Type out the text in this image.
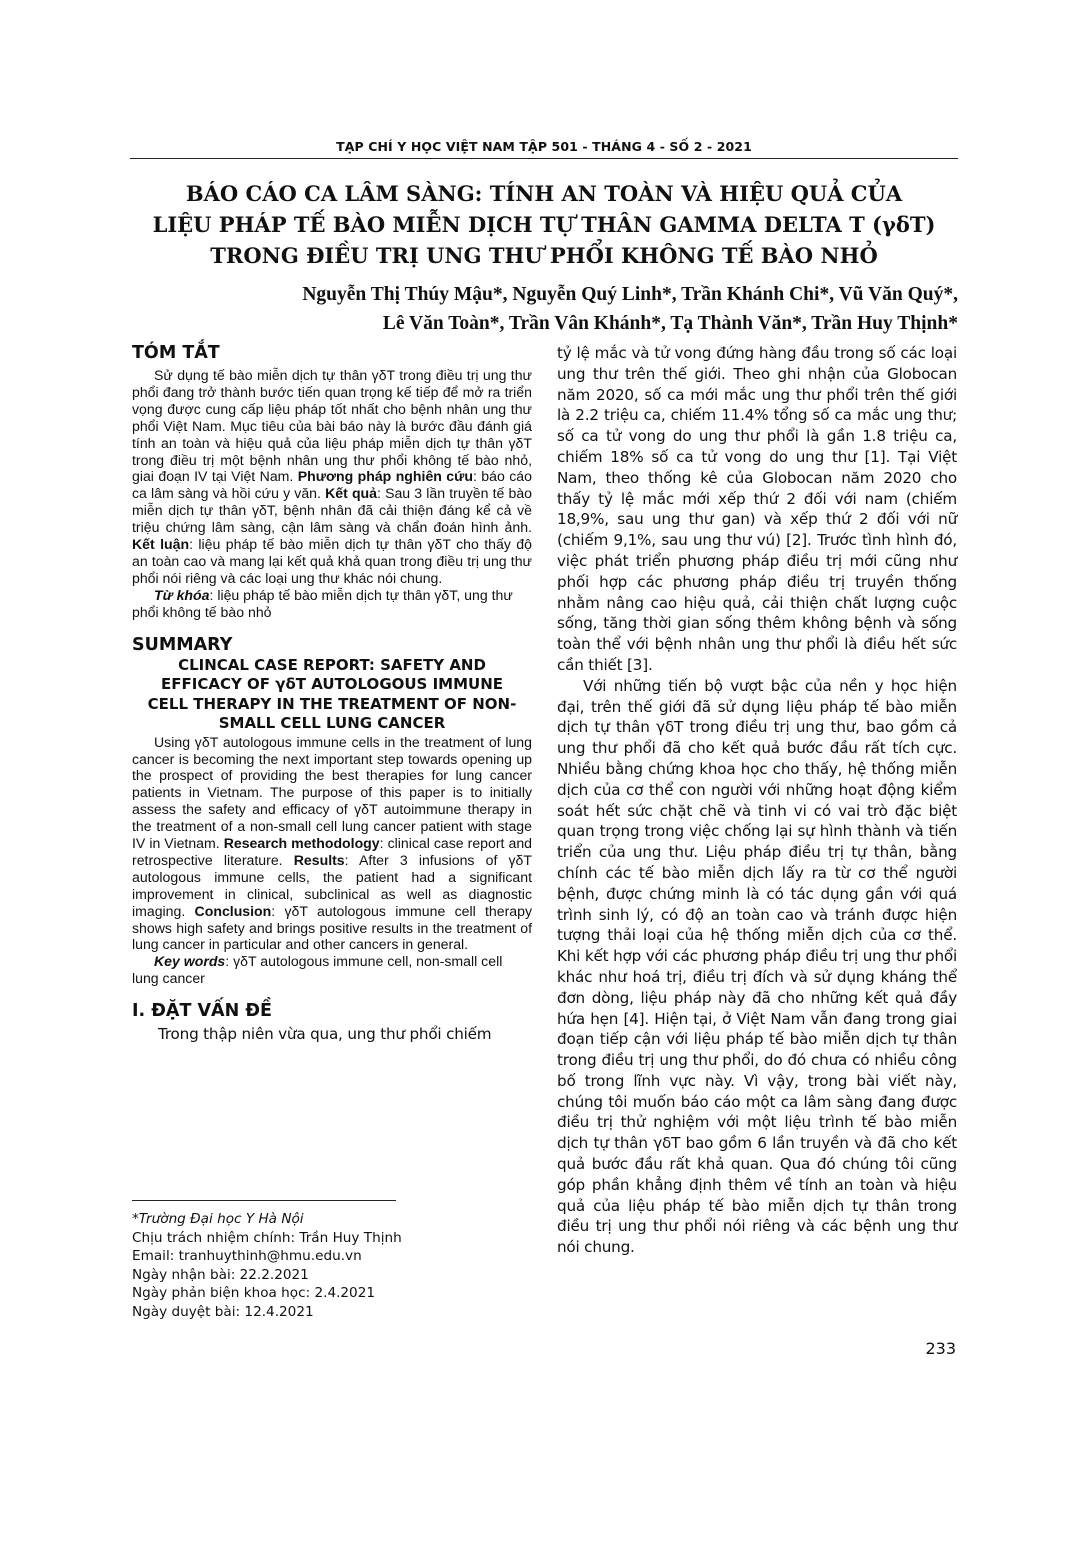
TẠP CHÍ Y HỌC VIỆT NAM TẬP 501 - THÁNG 4 - SỐ 2 - 2021
BÁO CÁO CA LÂM SÀNG: TÍNH AN TOÀN VÀ HIỆU QUẢ CỦA
LIỆU PHÁP TẾ BÀO MIỄN DỊCH TỰ THÂN GAMMA DELTA T (γδT)
TRONG ĐIỀU TRỊ UNG THƯ PHỔI KHÔNG TẾ BÀO NHỎ
Nguyễn Thị Thúy Mậu*, Nguyễn Quý Linh*, Trần Khánh Chi*, Vũ Văn Quý*,
Lê Văn Toàn*, Trần Vân Khánh*, Tạ Thành Văn*, Trần Huy Thịnh*
TÓM TẮT

Sử dụng tế bào miễn dịch tự thân γδT trong điều trị ung thư phổi đang trở thành bước tiến quan trọng kế tiếp để mở ra triển vọng được cung cấp liệu pháp tốt nhất cho bệnh nhân ung thư phổi Việt Nam. Mục tiêu của bài báo này là bước đầu đánh giá tính an toàn và hiệu quả của liệu pháp miễn dịch tự thân γδT trong điều trị một bệnh nhân ung thư phổi không tế bào nhỏ, giai đoạn IV tại Việt Nam. Phương pháp nghiên cứu: báo cáo ca lâm sàng và hồi cứu y văn. Kết quả: Sau 3 lần truyền tế bào miễn dịch tự thân γδT, bệnh nhân đã cải thiện đáng kể cả về triệu chứng lâm sàng, cận lâm sàng và chẩn đoán hình ảnh. Kết luận: liệu pháp tế bào miễn dịch tự thân γδT cho thấy độ an toàn cao và mang lại kết quả khả quan trong điều trị ung thư phổi nói riêng và các loại ung thư khác nói chung.

Từ khóa: liệu pháp tế bào miễn dịch tự thân γδT, ung thư phổi không tế bào nhỏ

SUMMARY

CLINCAL CASE REPORT: SAFETY AND EFFICACY OF γδT AUTOLOGOUS IMMUNE CELL THERAPY IN THE TREATMENT OF NON-SMALL CELL LUNG CANCER

Using γδT autologous immune cells in the treatment of lung cancer is becoming the next important step towards opening up the prospect of providing the best therapies for lung cancer patients in Vietnam. The purpose of this paper is to initially assess the safety and efficacy of γδT autoimmune therapy in the treatment of a non-small cell lung cancer patient with stage IV in Vietnam. Research methodology: clinical case report and retrospective literature. Results: After 3 infusions of γδT autologous immune cells, the patient had a significant improvement in clinical, subclinical as well as diagnostic imaging. Conclusion: γδT autologous immune cell therapy shows high safety and brings positive results in the treatment of lung cancer in particular and other cancers in general.

Key words: γδT autologous immune cell, non-small cell lung cancer

I. ĐẶT VẤN ĐỀ

Trong thập niên vừa qua, ung thư phổi chiếm

*Trường Đại học Y Hà Nội
Chịu trách nhiệm chính: Trần Huy Thịnh
Email: tranhuythinh@hmu.edu.vn
Ngày nhận bài: 22.2.2021
Ngày phản biện khoa học: 2.4.2021
Ngày duyệt bài: 12.4.2021

tỷ lệ mắc và tử vong đứng hàng đầu trong số các loại ung thư trên thế giới. Theo ghi nhận của Globocan năm 2020, số ca mới mắc ung thư phổi trên thế giới là 2.2 triệu ca, chiếm 11.4% tổng số ca mắc ung thư; số ca tử vong do ung thư phổi là gần 1.8 triệu ca, chiếm 18% số ca tử vong do ung thư [1]. Tại Việt Nam, theo thống kê của Globocan năm 2020 cho thấy tỷ lệ mắc mới xếp thứ 2 đối với nam (chiếm 18,9%, sau ung thư gan) và xếp thứ 2 đối với nữ (chiếm 9,1%, sau ung thư vú) [2]. Trước tình hình đó, việc phát triển phương pháp điều trị mới cũng như phối hợp các phương pháp điều trị truyền thống nhằm nâng cao hiệu quả, cải thiện chất lượng cuộc sống, tăng thời gian sống thêm không bệnh và sống toàn thể với bệnh nhân ung thư phổi là điều hết sức cần thiết [3].

Với những tiến bộ vượt bậc của nền y học hiện đại, trên thế giới đã sử dụng liệu pháp tế bào miễn dịch tự thân γδT trong điều trị ung thư, bao gồm cả ung thư phổi đã cho kết quả bước đầu rất tích cực. Nhiều bằng chứng khoa học cho thấy, hệ thống miễn dịch của cơ thể con người với những hoạt động kiểm soát hết sức chặt chẽ và tinh vi có vai trò đặc biệt quan trọng trong việc chống lại sự hình thành và tiến triển của ung thư. Liệu pháp điều trị tự thân, bằng chính các tế bào miễn dịch lấy ra từ cơ thể người bệnh, được chứng minh là có tác dụng gần với quá trình sinh lý, có độ an toàn cao và tránh được hiện tượng thải loại của hệ thống miễn dịch của cơ thể. Khi kết hợp với các phương pháp điều trị ung thư phổi khác như hoá trị, điều trị đích và sử dụng kháng thể đơn dòng, liệu pháp này đã cho những kết quả đầy hứa hẹn [4]. Hiện tại, ở Việt Nam vẫn đang trong giai đoạn tiếp cận với liệu pháp tế bào miễn dịch tự thân trong điều trị ung thư phổi, do đó chưa có nhiều công bố trong lĩnh vực này. Vì vậy, trong bài viết này, chúng tôi muốn báo cáo một ca lâm sàng đang được điều trị thử nghiệm với một liệu trình tế bào miễn dịch tự thân γδT bao gồm 6 lần truyền và đã cho kết quả bước đầu rất khả quan. Qua đó chúng tôi cũng góp phần khẳng định thêm về tính an toàn và hiệu quả của liệu pháp tế bào miễn dịch tự thân trong điều trị ung thư phổi nói riêng và các bệnh ung thư nói chung.

233
